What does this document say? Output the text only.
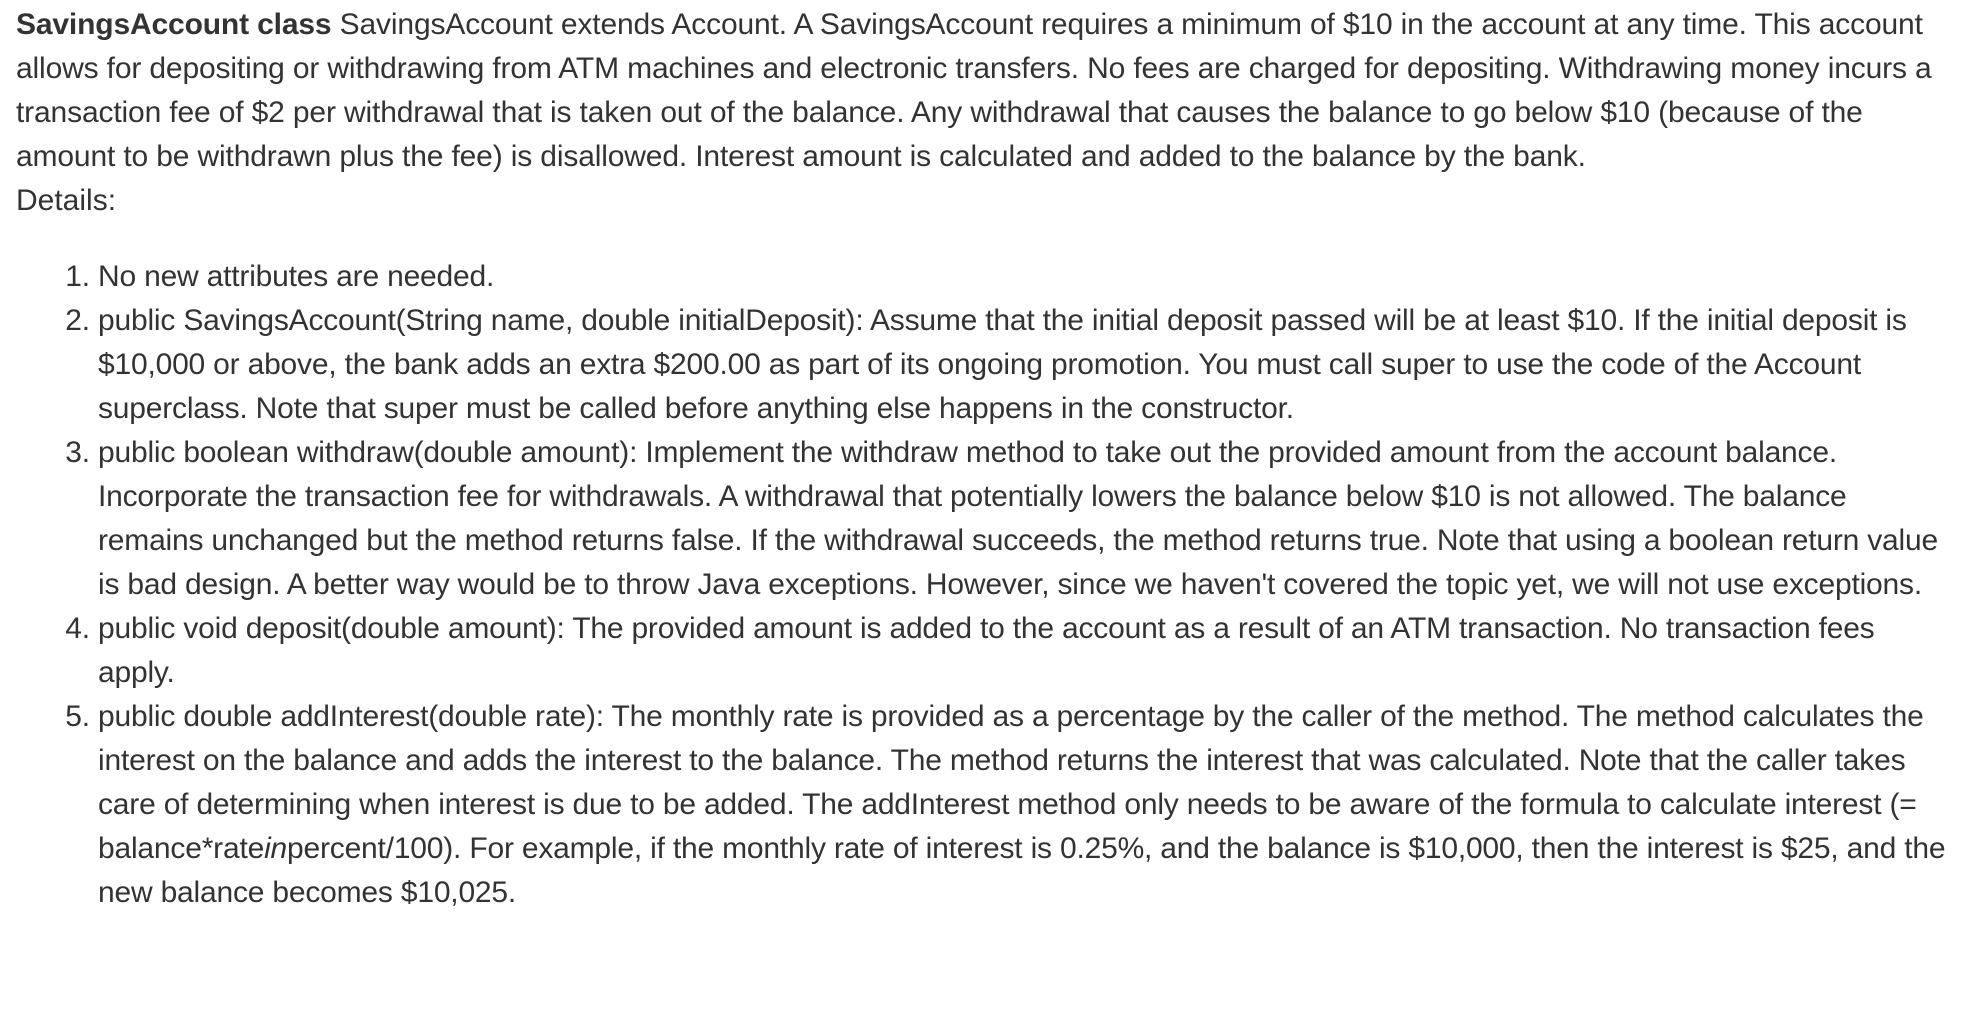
SavingsAccount class SavingsAccount extends Account. A SavingsAccount requires a minimum of $10 in the account at any time. This account allows for depositing or withdrawing from ATM machines and electronic transfers. No fees are charged for depositing. Withdrawing money incurs a transaction fee of $2 per withdrawal that is taken out of the balance. Any withdrawal that causes the balance to go below $10 (because of the amount to be withdrawn plus the fee) is disallowed. Interest amount is calculated and added to the balance by the bank.

Details:

1. No new attributes are needed.
2. public SavingsAccount(String name, double initialDeposit): Assume that the initial deposit passed will be at least $10. If the initial deposit is $10,000 or above, the bank adds an extra $200.00 as part of its ongoing promotion. You must call super to use the code of the Account superclass. Note that super must be called before anything else happens in the constructor.
3. public boolean withdraw(double amount): Implement the withdraw method to take out the provided amount from the account balance. Incorporate the transaction fee for withdrawals. A withdrawal that potentially lowers the balance below $10 is not allowed. The balance remains unchanged but the method returns false. If the withdrawal succeeds, the method returns true. Note that using a boolean return value is bad design. A better way would be to throw Java exceptions. However, since we haven't covered the topic yet, we will not use exceptions.
4. public void deposit(double amount): The provided amount is added to the account as a result of an ATM transaction. No transaction fees apply.
5. public double addInterest(double rate): The monthly rate is provided as a percentage by the caller of the method. The method calculates the interest on the balance and adds the interest to the balance. The method returns the interest that was calculated. Note that the caller takes care of determining when interest is due to be added. The addInterest method only needs to be aware of the formula to calculate interest (= balance*rateinpercent/100). For example, if the monthly rate of interest is 0.25%, and the balance is $10,000, then the interest is $25, and the new balance becomes $10,025.
